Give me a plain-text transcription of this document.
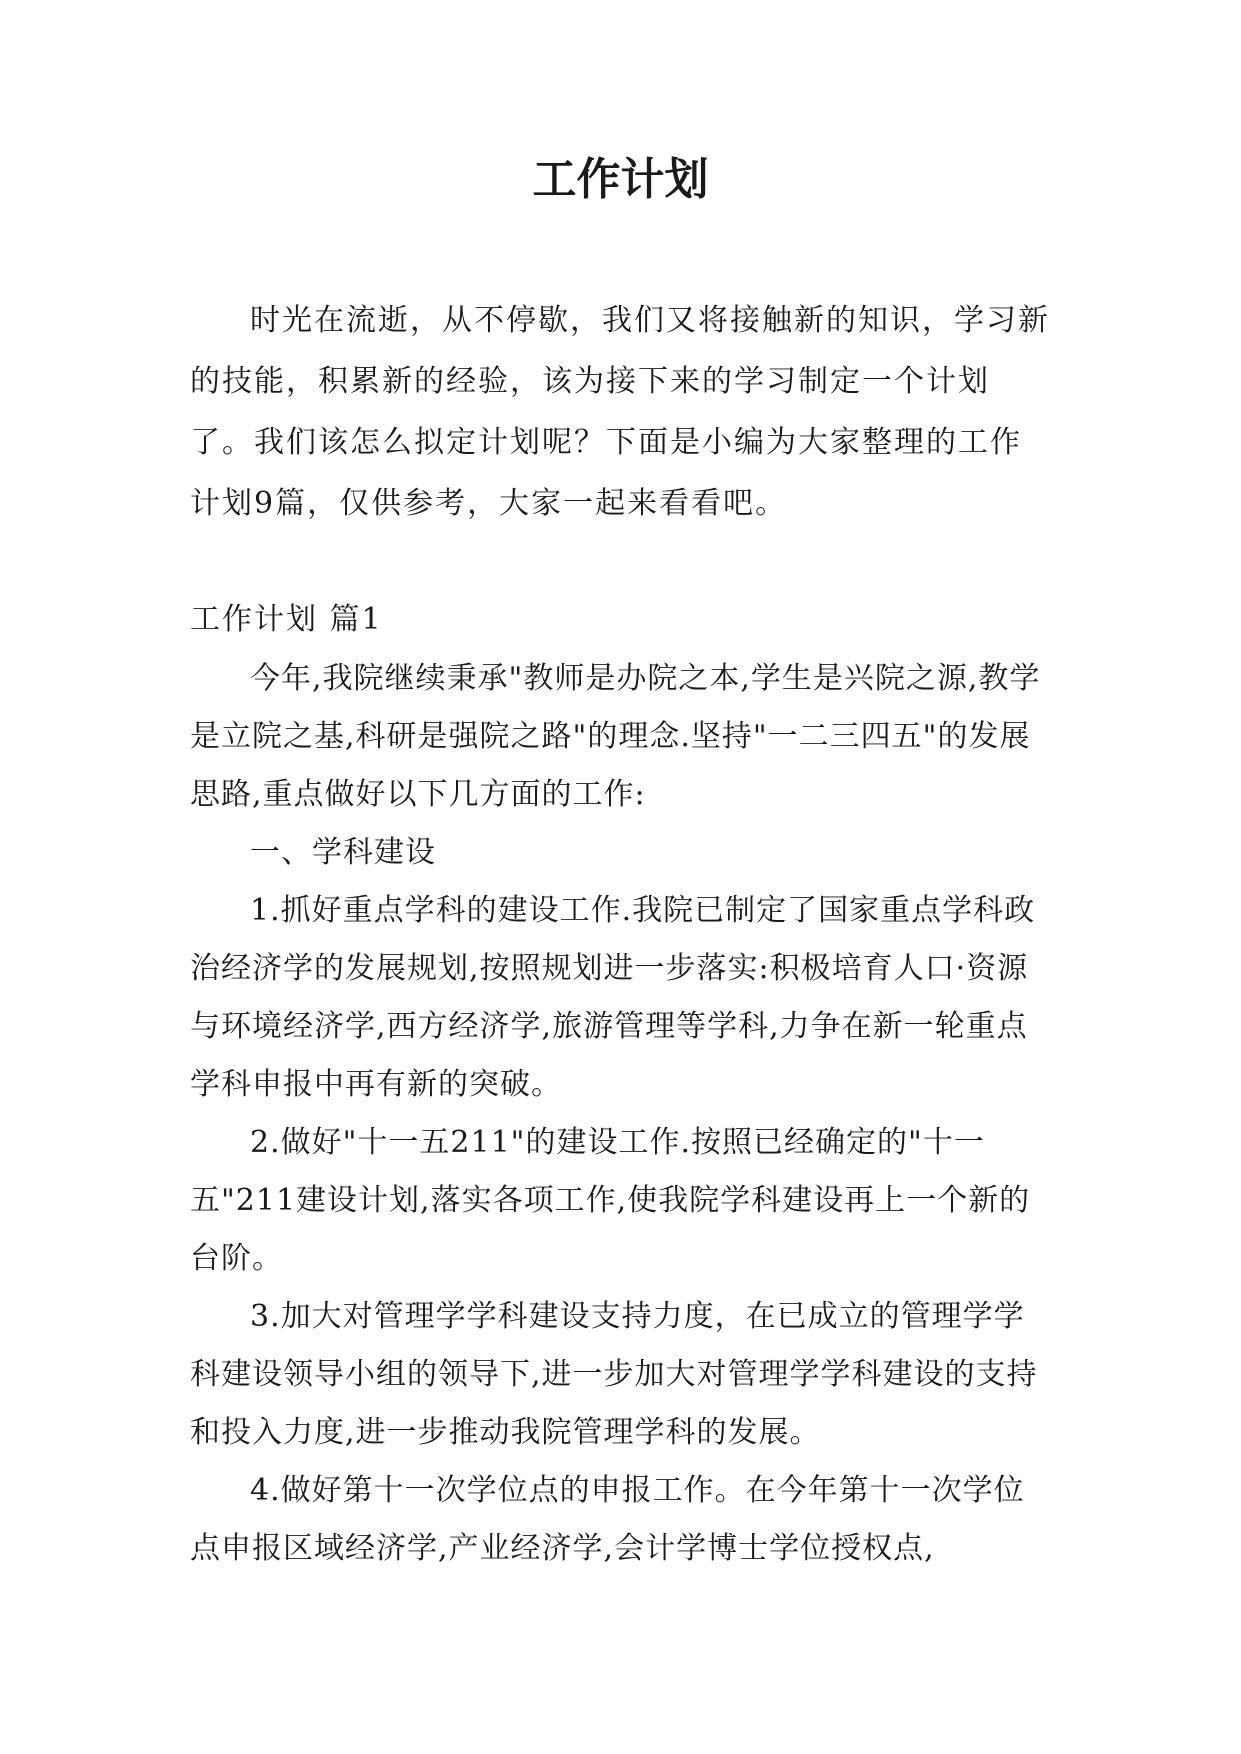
工作计划

时光在流逝，从不停歇，我们又将接触新的知识，学习新的技能，积累新的经验，该为接下来的学习制定一个计划了。我们该怎么拟定计划呢？下面是小编为大家整理的工作计划9篇，仅供参考，大家一起来看看吧。

工作计划 篇1

今年,我院继续秉承"教师是办院之本,学生是兴院之源,教学是立院之基,科研是强院之路"的理念.坚持"一二三四五"的发展思路,重点做好以下几方面的工作:

一、学科建设

1.抓好重点学科的建设工作.我院已制定了国家重点学科政治经济学的发展规划,按照规划进一步落实:积极培育人口·资源与环境经济学,西方经济学,旅游管理等学科,力争在新一轮重点学科申报中再有新的突破。

2.做好"十一五211"的建设工作.按照已经确定的"十一五"211建设计划,落实各项工作,使我院学科建设再上一个新的台阶。

3.加大对管理学学科建设支持力度，在已成立的管理学学科建设领导小组的领导下,进一步加大对管理学学科建设的支持和投入力度,进一步推动我院管理学科的发展。

4.做好第十一次学位点的申报工作。在今年第十一次学位点申报区域经济学,产业经济学,会计学博士学位授权点,
